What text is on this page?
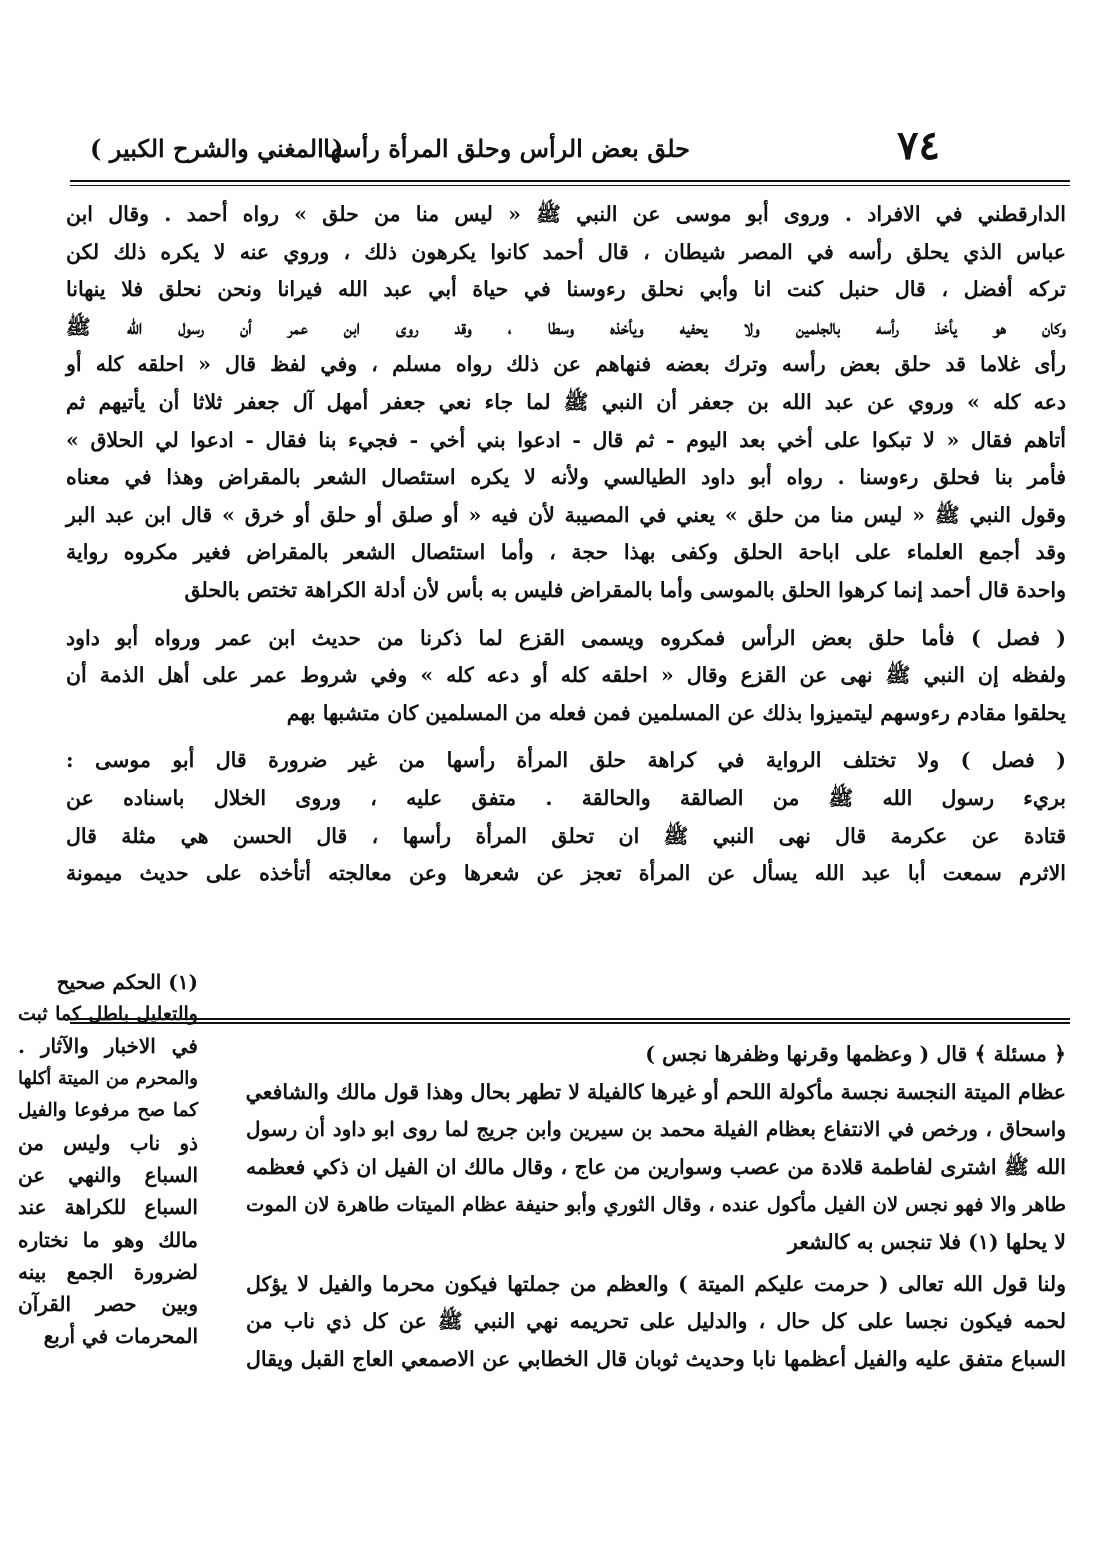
٧٤
حلق بعض الرأس وحلق المرأة رأسها
( المغني والشرح الكبير )
الدارقطني في الافراد . وروى أبو موسى عن النبي ﷺ « ليس منا من حلق » رواه أحمد . وقال ابن
عباس الذي يحلق رأسه في المصر شيطان ، قال أحمد كانوا يكرهون ذلك ، وروي عنه لا يكره ذلك لكن
تركه أفضل ، قال حنبل كنت انا وأبي نحلق رءوسنا في حياة أبي عبد الله فيرانا ونحن نحلق فلا ينهانا
وكان هو يأخذ رأسه بالجلمين ولا يحفيه ويأخذه وسطا ، وقد روى ابن عمر أن رسول الله ﷺ
رأى غلاما قد حلق بعض رأسه وترك بعضه فنهاهم عن ذلك رواه مسلم ، وفي لفظ قال « احلقه كله أو
دعه كله » وروي عن عبد الله بن جعفر أن النبي ﷺ لما جاء نعي جعفر أمهل آل جعفر ثلاثا أن يأتيهم ثم
أتاهم فقال « لا تبكوا على أخي بعد اليوم - ثم قال - ادعوا بني أخي - فجيء بنا فقال - ادعوا لي الحلاق »
فأمر بنا فحلق رءوسنا . رواه أبو داود الطيالسي ولأنه لا يكره استئصال الشعر بالمقراض وهذا في معناه
وقول النبي ﷺ « ليس منا من حلق » يعني في المصيبة لأن فيه « أو صلق أو حلق أو خرق » قال ابن عبد البر
وقد أجمع العلماء على اباحة الحلق وكفى بهذا حجة ، وأما استئصال الشعر بالمقراض فغير مكروه رواية
واحدة قال أحمد إنما كرهوا الحلق بالموسى وأما بالمقراض فليس به بأس لأن أدلة الكراهة تختص بالحلق
( فصل ) فأما حلق بعض الرأس فمكروه ويسمى القزع لما ذكرنا من حديث ابن عمر ورواه أبو داود
ولفظه إن النبي ﷺ نهى عن القزع وقال « احلقه كله أو دعه كله » وفي شروط عمر على أهل الذمة أن
يحلقوا مقادم رءوسهم ليتميزوا بذلك عن المسلمين فمن فعله من المسلمين كان متشبها بهم
( فصل ) ولا تختلف الرواية في كراهة حلق المرأة رأسها من غير ضرورة قال أبو موسى :
بريء رسول الله ﷺ من الصالقة والحالقة . متفق عليه ، وروى الخلال باسناده عن
قتادة عن عكرمة قال نهى النبي ﷺ ان تحلق المرأة رأسها ، قال الحسن هي مثلة قال
الاثرم سمعت أبا عبد الله يسأل عن المرأة تعجز عن شعرها وعن معالجته أتأخذه على حديث ميمونة
(١) الحكم صحيح
والتعليل باطل كما ثبت
في الاخبار والآثار .
والمحرم من الميتة أكلها
كما صح مرفوعا والفيل
ذو ناب وليس من
السباع والنهي عن
السباع للكراهة عند
مالك وهو ما نختاره
لضرورة الجمع بينه
وبين حصر القرآن
المحرمات في أربع
﴿ مسئلة ﴾ قال ( وعظمها وقرنها وظفرها نجس )
عظام الميتة النجسة نجسة مأكولة اللحم أو غيرها كالفيلة لا تطهر بحال وهذا قول مالك والشافعي
واسحاق ، ورخص في الانتفاع بعظام الفيلة محمد بن سيرين وابن جريج لما روى ابو داود أن رسول
الله ﷺ اشترى لفاطمة قلادة من عصب وسوارين من عاج ، وقال مالك ان الفيل ان ذكي فعظمه
طاهر والا فهو نجس لان الفيل مأكول عنده ، وقال الثوري وأبو حنيفة عظام الميتات طاهرة لان الموت
لا يحلها (١) فلا تنجس به كالشعر
ولنا قول الله تعالى ( حرمت عليكم الميتة ) والعظم من جملتها فيكون محرما والفيل لا يؤكل
لحمه فيكون نجسا على كل حال ، والدليل على تحريمه نهي النبي ﷺ عن كل ذي ناب من
السباع متفق عليه والفيل أعظمها نابا وحديث ثوبان قال الخطابي عن الاصمعي العاج القبل ويقال
